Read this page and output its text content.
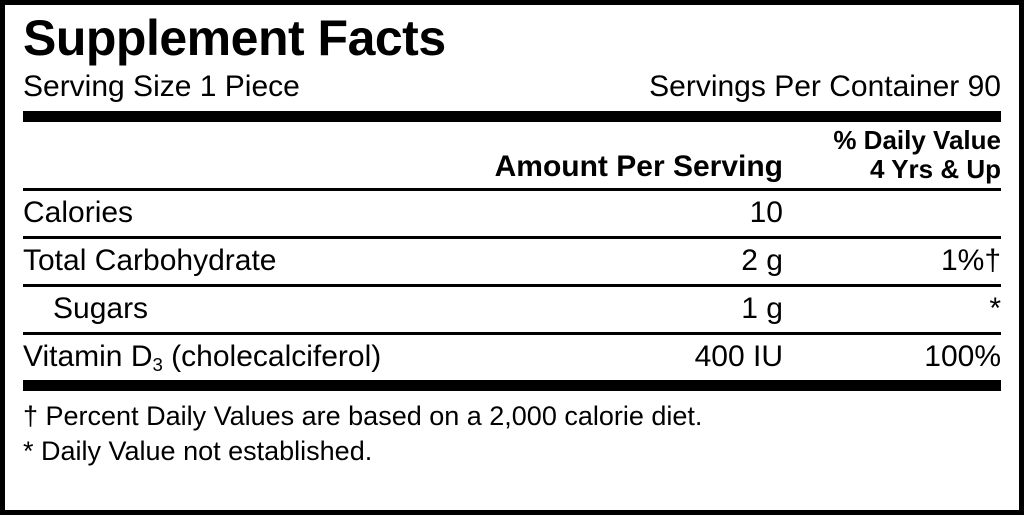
Supplement Facts
Serving Size 1 Piece	Servings Per Container 90
Amount Per Serving
% Daily Value
4 Yrs & Up
Calories	10
Total Carbohydrate	2 g	1%†
Sugars	1 g	*
Vitamin $D_3$ (cholecalciferol)	400 IU	100%
† Percent Daily Values are based on a 2,000 calorie diet.
* Daily Value not established.
